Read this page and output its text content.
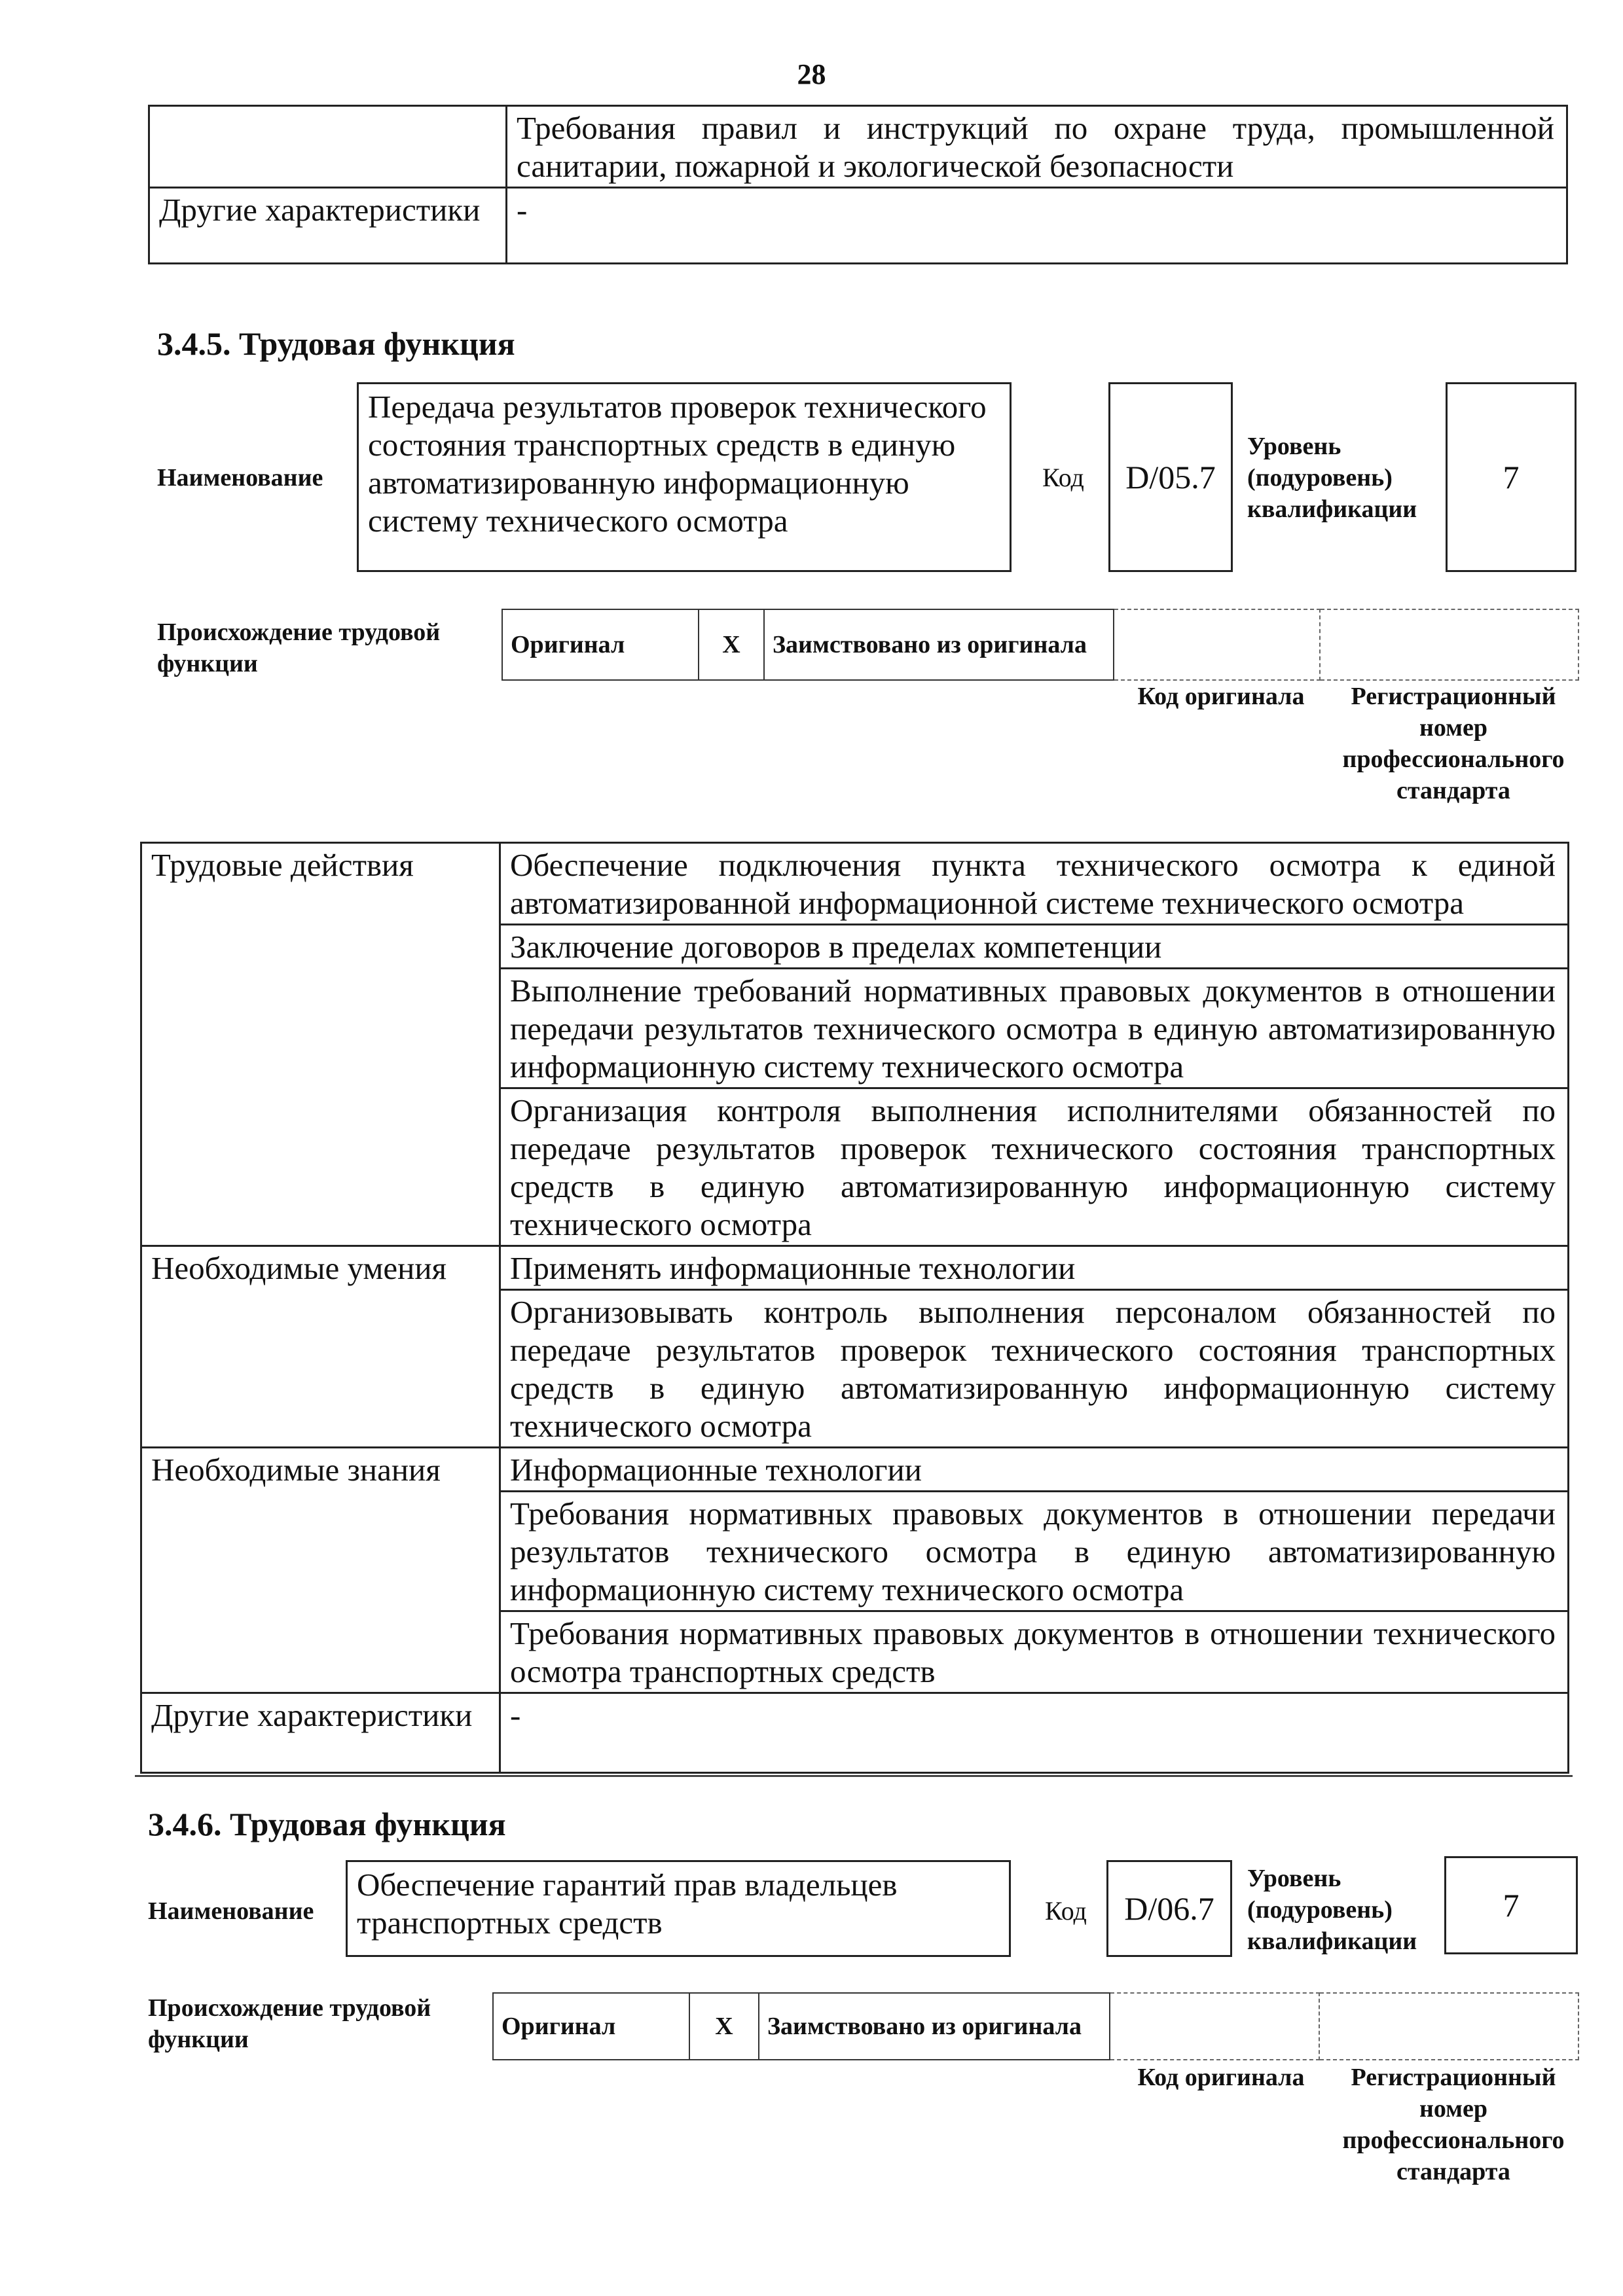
28
	Требования правил и инструкций по охране труда, промышленной санитарии, пожарной и экологической безопасности
Другие характеристики	-
3.4.5. Трудовая функция
Наименование
Передача результатов проверок технического состояния транспортных средств в единую автоматизированную информационную систему технического осмотра
Код D/05.7
Уровень (подуровень) квалификации
7
Происхождение трудовой функции
Оригинал	X	Заимствовано из оригинала		
Код оригинала	Регистрационный номер профессионального стандарта
Трудовые действия	Обеспечение подключения пункта технического осмотра к единой автоматизированной информационной системе технического осмотра
	Заключение договоров в пределах компетенции
	Выполнение требований нормативных правовых документов в отношении передачи результатов технического осмотра в единую автоматизированную информационную систему технического осмотра
	Организация контроля выполнения исполнителями обязанностей по передаче результатов проверок технического состояния транспортных средств в единую автоматизированную информационную систему технического осмотра
Необходимые умения	Применять информационные технологии
	Организовывать контроль выполнения персоналом обязанностей по передаче результатов проверок технического состояния транспортных средств в единую автоматизированную информационную систему технического осмотра
Необходимые знания	Информационные технологии
	Требования нормативных правовых документов в отношении передачи результатов технического осмотра в единую автоматизированную информационную систему технического осмотра
	Требования нормативных правовых документов в отношении технического осмотра транспортных средств
Другие характеристики	-
3.4.6. Трудовая функция
Наименование
Обеспечение гарантий прав владельцев транспортных средств	Код D/06.7
Уровень (подуровень) квалификации
7
Происхождение трудовой функции	Оригинал	X	Заимствовано из оригинала		
Код оригинала	Регистрационный номер профессионального стандарта
